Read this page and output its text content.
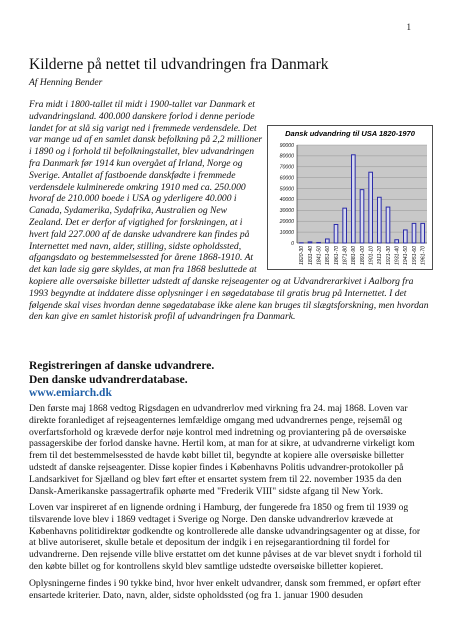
1
Kilderne på nettet til udvandringen fra Danmark
Af Henning Bender
Dansk udvandring til USA 1820-1970
0
10000
20000
30000
40000
50000
60000
70000
80000
90000
1820-30 1831-40 1841-50 1851-60 1861-70 1871-80 1881-90 1891-00 1901-10 1911-20 1921-30 1931-40 1941-50 1951-60 1961-70
Fra midt i 1800-tallet til midt i 1900-tallet var Danmark et udvandringsland. 400.000 danskere forlod i denne periode landet for at slå sig varigt ned i fremmede verdensdele. Det var mange ud af en samlet dansk befolkning på 2,2 millioner i 1890 og i forhold til befolkningstallet, blev udvandringen fra Danmark før 1914 kun overgået af Irland, Norge og Sverige. Antallet af fastboende danskfødte i fremmede verdensdele kulminerede omkring 1910 med ca. 250.000 hvoraf de 210.000 boede i USA og yderligere 40.000 i Canada, Sydamerika, Sydafrika, Australien og New Zealand. Det er derfor af vigtighed for forskningen, at i hvert fald 227.000 af de danske udvandrere kan findes på Internettet med navn, alder, stilling, sidste opholdssted, afgangsdato og bestemmelsessted for årene 1868-1910. At det kan lade sig gøre skyldes, at man fra 1868 besluttede at kopiere alle oversøiske billetter udstedt af danske rejseagenter og at Udvandrerarkivet i Aalborg fra 1993 begyndte at inddatere disse oplysninger i en søgedatabase til gratis brug på Internettet. I det følgende skal vises hvordan denne søgedatabase ikke alene kan bruges til slægtsforskning, men hvordan den kan give en samlet historisk profil af udvandringen fra Danmark.
Registreringen af danske udvandrere.
Den danske udvandrerdatabase.
www.emiarch.dk

Den første maj 1868 vedtog Rigsdagen en udvandrerlov med virkning fra 24. maj 1868. Loven var direkte foranlediget af rejseagenternes lemfældige omgang med udvandrernes penge, rejsemål og overfartsforhold og krævede derfor nøje kontrol med indretning og proviantering på de oversøiske passagerskibe der forlod danske havne. Hertil kom, at man for at sikre, at udvandrerne virkeligt kom frem til det bestemmelsessted de havde købt billet til, begyndte at kopiere alle oversøiske billetter udstedt af danske rejseagenter. Disse kopier findes i Københavns Politis udvandrer-protokoller på Landsarkivet for Sjælland og blev ført efter et ensartet system frem til 22. november 1935 da den Dansk-Amerikanske passagertrafik ophørte med "Frederik VIII" sidste afgang til New York.

Loven var inspireret af en lignende ordning i Hamburg, der fungerede fra 1850 og frem til 1939 og tilsvarende love blev i 1869 vedtaget i Sverige og Norge. Den danske udvandrerlov krævede at Københavns politidirektør godkendte og kontrollerede alle danske udvandringsagenter og at disse, for at blive autoriseret, skulle betale et depositum der indgik i en rejsegarantiordning til fordel for udvandrerne. Den rejsende ville blive erstattet om det kunne påvises at de var blevet snydt i forhold til den købte billet og for kontrollens skyld blev samtlige udstedte oversøiske billetter kopieret.

Oplysningerne findes i 90 tykke bind, hvor hver enkelt udvandrer, dansk som fremmed, er opført efter ensartede kriterier. Dato, navn, alder, sidste opholdssted (og fra 1. januar 1900 desuden
